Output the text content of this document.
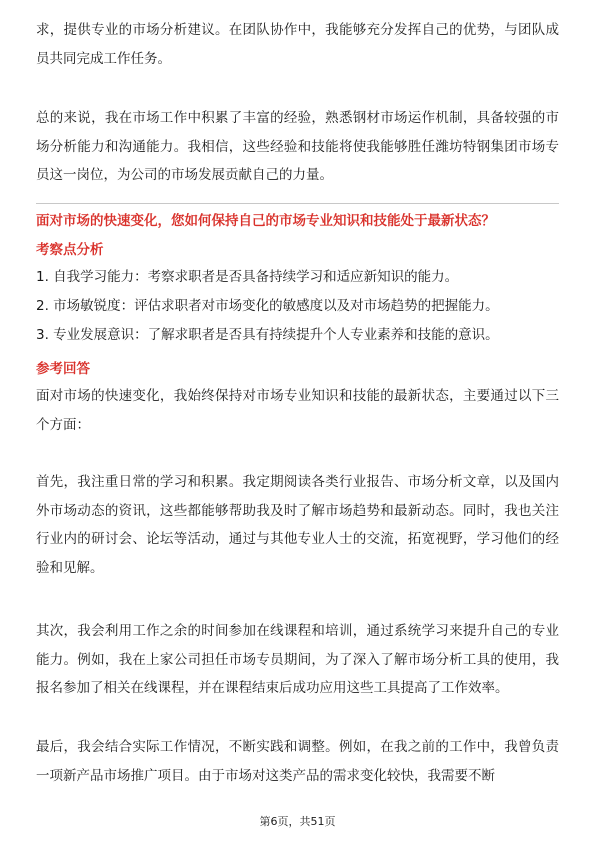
求，提供专业的市场分析建议。在团队协作中，我能够充分发挥自己的优势，与团队成员共同完成工作任务。

总的来说，我在市场工作中积累了丰富的经验，熟悉钢材市场运作机制，具备较强的市场分析能力和沟通能力。我相信，这些经验和技能将使我能够胜任潍坊特钢集团市场专员这一岗位，为公司的市场发展贡献自己的力量。

面对市场的快速变化，您如何保持自己的市场专业知识和技能处于最新状态？

考察点分析

1. 自我学习能力：考察求职者是否具备持续学习和适应新知识的能力。

2. 市场敏锐度：评估求职者对市场变化的敏感度以及对市场趋势的把握能力。

3. 专业发展意识：了解求职者是否具有持续提升个人专业素养和技能的意识。

参考回答

面对市场的快速变化，我始终保持对市场专业知识和技能的最新状态，主要通过以下三个方面：

首先，我注重日常的学习和积累。我定期阅读各类行业报告、市场分析文章，以及国内外市场动态的资讯，这些都能够帮助我及时了解市场趋势和最新动态。同时，我也关注行业内的研讨会、论坛等活动，通过与其他专业人士的交流，拓宽视野，学习他们的经验和见解。

其次，我会利用工作之余的时间参加在线课程和培训，通过系统学习来提升自己的专业能力。例如，我在上家公司担任市场专员期间，为了深入了解市场分析工具的使用，我报名参加了相关在线课程，并在课程结束后成功应用这些工具提高了工作效率。

最后，我会结合实际工作情况，不断实践和调整。例如，在我之前的工作中，我曾负责一项新产品市场推广项目。由于市场对这类产品的需求变化较快，我需要不断

第6页，共51页
